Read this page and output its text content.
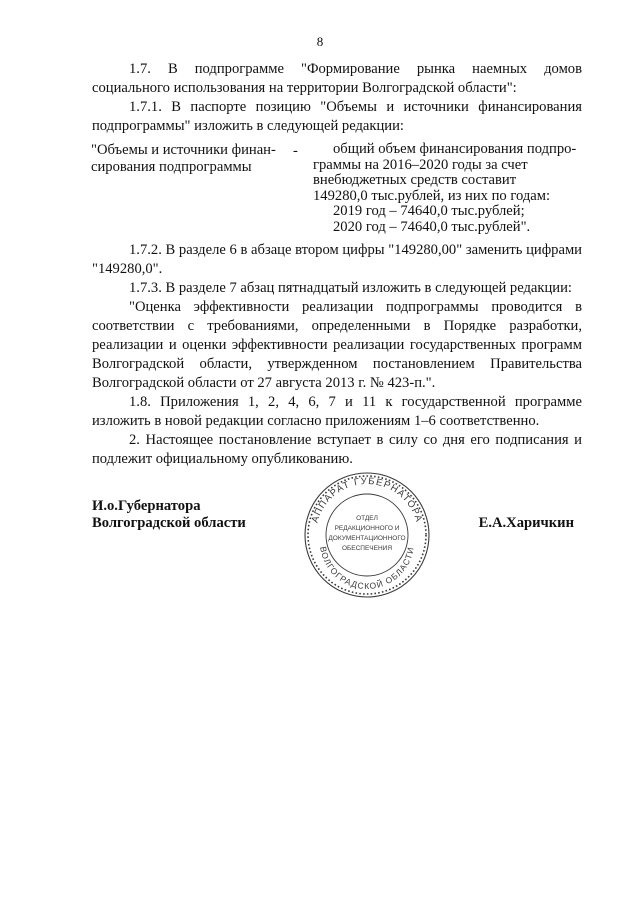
8

1.7. В подпрограмме "Формирование рынка наемных домов социального использования на территории Волгоградской области":

1.7.1. В паспорте позицию "Объемы и источники финансирования подпрограммы" изложить в следующей редакции:

"Объемы и источники финан-
сирования подпрограммы
-	общий объем финансирования подпро-
граммы на 2016–2020 годы за счет
внебюджетных средств составит
149280,0 тыс.рублей, из них по годам:
2019 год – 74640,0 тыс.рублей;
2020 год – 74640,0 тыс.рублей".

1.7.2. В разделе 6 в абзаце втором цифры "149280,00" заменить цифрами "149280,0".

1.7.3. В разделе 7 абзац пятнадцатый изложить в следующей редакции:

"Оценка эффективности реализации подпрограммы проводится в соответствии с требованиями, определенными в Порядке разработки, реализации и оценки эффективности реализации государственных программ Волгоградской области, утвержденном постановлением Правительства Волгоградской области от 27 августа 2013 г. № 423-п.".

1.8. Приложения 1, 2, 4, 6, 7 и 11 к государственной программе изложить в новой редакции согласно приложениям 1–6 соответственно.

2. Настоящее постановление вступает в силу со дня его подписания и подлежит официальному опубликованию.

И.о.Губернатора
Волгоградской области	Е.А.Харичкин
АППАРАТ ГУБЕРНАТОРА
ВОЛГОГРАДСКОЙ ОБЛАСТИ
ОТДЕЛ
РЕДАКЦИОННОГО И
ДОКУМЕНТАЦИОННОГО
ОБЕСПЕЧЕНИЯ
